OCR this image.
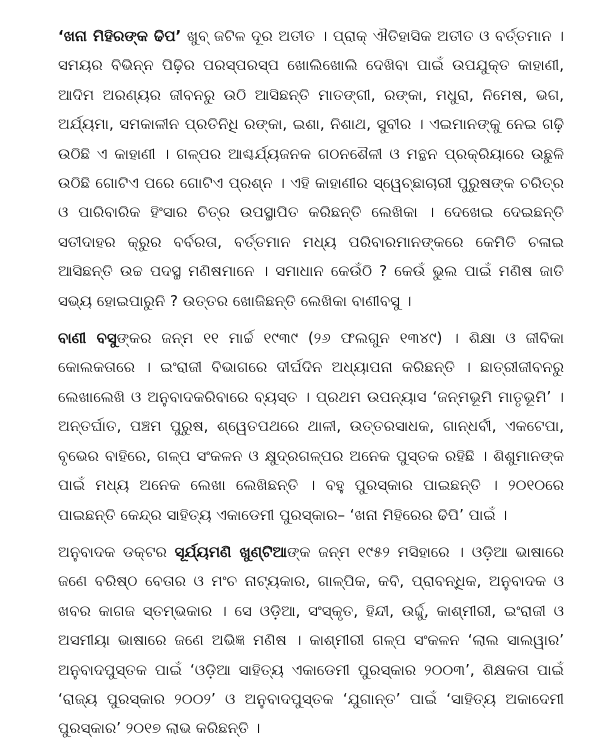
‘ଖନା ମିହିରଙ୍କ ଢିପ’ ଖୁବ୍ ଜଟିଳ ଦୂର ଅତୀତ । ପ୍ରାକ୍ ଐତିହାସିକ ଅତୀତ ଓ ବର୍ତ୍ତମାନ । ସମୟର ବିଭିନ୍ନ ପିଢ଼ିର ପରସ୍ପରସ୍ପ ଖୋଲିଖୋଲି ଦେଖିବା ପାଇଁ ଉପଯୁକ୍ତ କାହାଣୀ, ଆଦିମ ଅରଣ୍ୟର ଜୀବନରୁ ଉଠି ଆସିଛନ୍ତି ମାତଙ୍ଗୀ, ରଙ୍କା, ମଧୁରା, ନିମେଷ, ଭଗ, ଅର୍ଯ୍ୟମା, ସମକାଳୀନ ପ୍ରତିନିଧି ରଙ୍କା, ଇଶା, ନିଶାଥ, ସୁବୀର । ଏଇମାନଙ୍କୁ ନେଇ ଗଢ଼ି ଉଠିଛି ଏ କାହାଣୀ । ଗଳ୍ପର ଆଶ୍ଚର୍ଯ୍ୟଜନକ ଗଠନଶୈଳୀ ଓ ମନ୍ଥନ ପ୍ରକ୍ରିୟାରେ ଉଛୁଳି ଉଠିଛି ଗୋଟିଏ ପରେ ଗୋଟିଏ ପ୍ରଶ୍ନ । ଏହି କାହାଣୀର ସ୍ୱେଚ୍ଛାଚାରୀ ପୁରୁଷଙ୍କ ଚରିତ୍ର ଓ ପାରିବାରିକ ହିଂସାର ଚିତ୍ର ଉପସ୍ଥାପିତ କରିଛନ୍ତି ଲେଖିକା । ଦେଖେଇ ଦେଇଛନ୍ତି ସତୀଦାହର କ୍ରୁର ବର୍ବରତା, ବର୍ତ୍ତମାନ ମଧ୍ୟ ପରିବାରମାନଙ୍କରେ କେମିତି ଚଳାଇ ଆସିଛନ୍ତି ଉଚ୍ଚ ପଦସ୍ଥ ମଣିଷମାନେ । ସମାଧାନ କେଉଁଠି ? କେଉଁ ଭୁଲ ପାଇଁ ମଣିଷ ଜାତି ସଭ୍ୟ ହୋଇପାରୁନି ? ଉତ୍ତର ଖୋଜିଛନ୍ତି ଲେଖିକା ବାଣୀବସୁ ।

ବାଣୀ ବସୁଙ୍କର ଜନ୍ମ ୧୧ ମାର୍ଚ୍ଚ ୧୯୩୯ (୨୬ ଫଲଗୁନ ୧୩୪୯) । ଶିକ୍ଷା ଓ ଜୀବିକା କୋଲକତାରେ । ଇଂରାଜୀ ବିଭାଗରେ ଦୀର୍ଘଦିନ ଅଧ୍ୟାପନା କରିଛନ୍ତି । ଛାତ୍ରୀଜୀବନରୁ ଲେଖାଲେଖି ଓ ଅନୁବାଦକରିବାରେ ବ୍ୟସ୍ତ । ପ୍ରଥମ ଉପନ୍ୟାସ ‘ଜନ୍ମଭୂମି ମାତୃଭୂମି’ । ଅନ୍ତର୍ଘାତ, ପଞ୍ଚମ ପୁରୁଷ, ଶ୍ୱେତପଥରେ ଥାଳୀ, ଉତ୍ତରସାଧକ, ଗାନ୍ଧର୍ବୀ, ଏକଟେପା, ବୃଭେର ବାହିରେ, ଗଳ୍ପ ସଂକଳନ ଓ କ୍ଷୁଦ୍ରଗଳ୍ପର ଅନେକ ପୁସ୍ତକ ରହିଛି । ଶିଶୁମାନଙ୍କ ପାଇଁ ମଧ୍ୟ ଅନେକ ଲେଖା ଲେଖିଛନ୍ତି । ବହୁ ପୁରସ୍କାର ପାଇଛନ୍ତି । ୨୦୧୦ରେ ପାଇଛନ୍ତି କେନ୍ଦ୍ର ସାହିତ୍ୟ ଏକାଡେମୀ ପୁରସ୍କାର– ‘ଖନା ମିହିରେର ଢିପି’ ପାଇଁ ।

ଅନୁବାଦକ ଡକ୍ଟର ସୂର୍ଯ୍ୟମଣି ଖୁଣ୍ଟିଆଙ୍କ ଜନ୍ମ ୧୯୫୨ ମସିହାରେ । ଓଡ଼ିଆ ଭାଷାରେ ଜଣେ ବରିଷ୍ଠ ବେତାର ଓ ମଂଚ ନାଟ୍ୟକାର, ଗାଳ୍ପିକ, କବି, ପ୍ରାବନ୍ଧିକ, ଅନୁବାଦକ ଓ ଖବର କାଗଜ ସ୍ତମ୍ଭକାର । ସେ ଓଡ଼ିଆ, ସଂସ୍କୃତ, ହିନ୍ଦୀ, ଉର୍ଦ୍ଦୁ, କାଶ୍ମୀରୀ, ଇଂରାଜୀ ଓ ଅସମୀୟା ଭାଷାରେ ଜଣେ ଅଭିଜ୍ଞ ମଣିଷ । କାଶ୍ମୀରୀ ଗଳ୍ପ ସଂକଳନ ‘ଲାଲ ସାଲୱାର’ ଅନୁବାଦପୁସ୍ତକ ପାଇଁ ‘ଓଡ଼ିଆ ସାହିତ୍ୟ ଏକାଡେମୀ ପୁରସ୍କାର ୨୦୦୩’, ଶିକ୍ଷକତା ପାଇଁ ‘ରାଜ୍ୟ ପୁରସ୍କାର ୨୦୦୨’ ଓ ଅନୁବାଦପୁସ୍ତକ ‘ଯୁଗାନ୍ତ’ ପାଇଁ ‘ସାହିତ୍ୟ ଅକାଦେମୀ ପୁରସ୍କାର’ ୨୦୧୭ ଲାଭ କରିଛନ୍ତି ।
